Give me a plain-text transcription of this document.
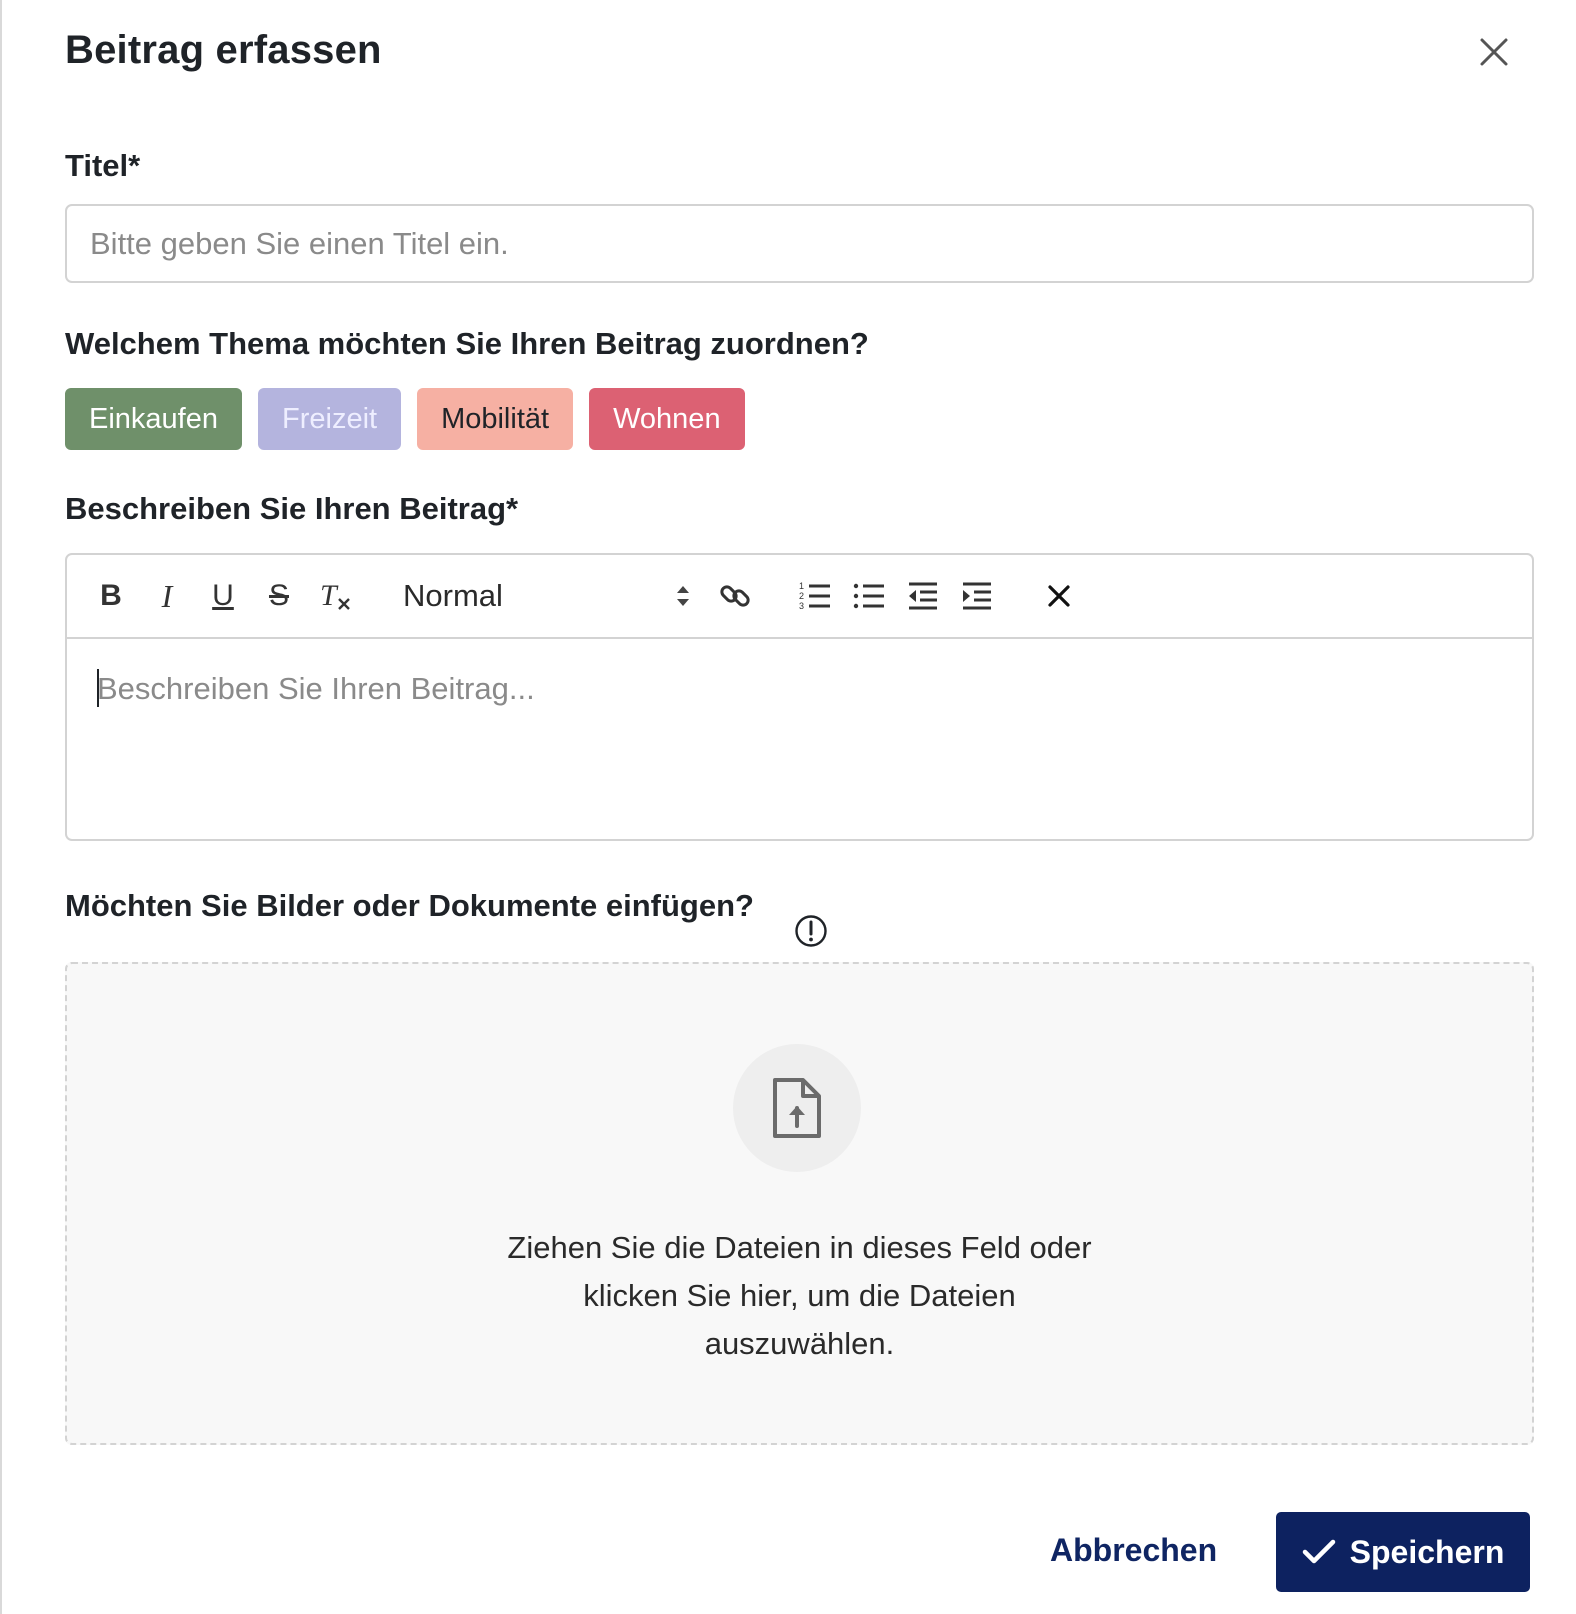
Beitrag erfassen
Titel*
Bitte geben Sie einen Titel ein.
Welchem Thema möchten Sie Ihren Beitrag zuordnen?
Einkaufen	Freizeit	Mobilität	Wohnen
Beschreiben Sie Ihren Beitrag*
B I U S T Normal	1
2
3
Beschreiben Sie Ihren Beitrag...
Möchten Sie Bilder oder Dokumente einfügen?
Ziehen Sie die Dateien in dieses Feld oder
klicken Sie hier, um die Dateien
auszuwählen.
Abbrechen	Speichern
